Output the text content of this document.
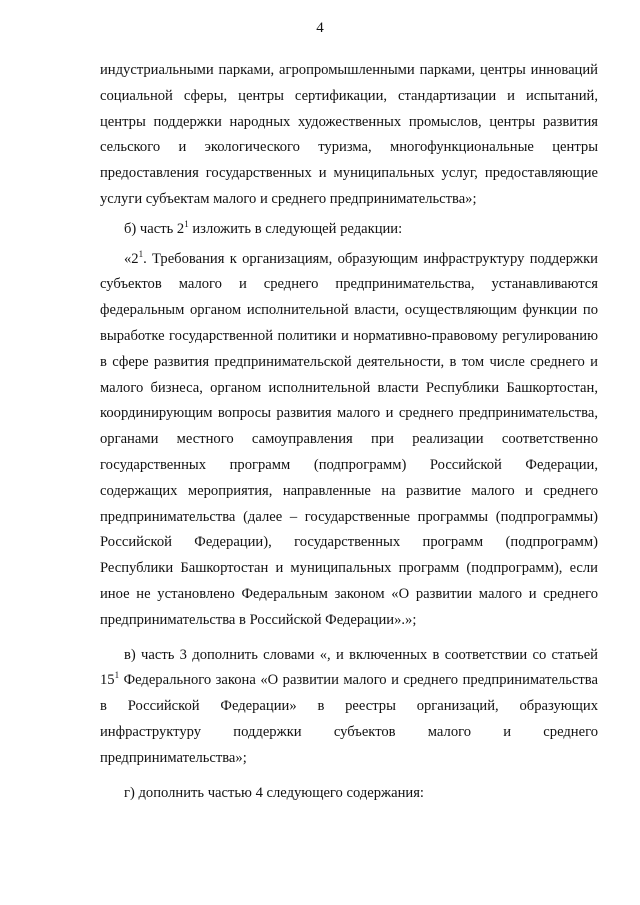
4

индустриальными парками, агропромышленными парками, центры инноваций социальной сферы, центры сертификации, стандартизации и испытаний, центры поддержки народных художественных промыслов, центры развития сельского и экологического туризма, многофункциональные центры предоставления государственных и муниципальных услуг, предоставляющие услуги субъектам малого и среднего предпринимательства»;

б) часть $2^1$ изложить в следующей редакции:

«$2^1$. Требования к организациям, образующим инфраструктуру поддержки субъектов малого и среднего предпринимательства, устанавливаются федеральным органом исполнительной власти, осуществляющим функции по выработке государственной политики и нормативно-правовому регулированию в сфере развития предпринимательской деятельности, в том числе среднего и малого бизнеса, органом исполнительной власти Республики Башкортостан, координирующим вопросы развития малого и среднего предпринимательства, органами местного самоуправления при реализации соответственно государственных программ (подпрограмм) Российской Федерации, содержащих мероприятия, направленные на развитие малого и среднего предпринимательства (далее – государственные программы (подпрограммы) Российской Федерации), государственных программ (подпрограмм) Республики Башкортостан и муниципальных программ (подпрограмм), если иное не установлено Федеральным законом «О развитии малого и среднего предпринимательства в Российской Федерации».»;

в) часть 3 дополнить словами «, и включенных в соответствии со статьей $15^1$ Федерального закона «О развитии малого и среднего предпринимательства в Российской Федерации» в реестры организаций, образующих инфраструктуру поддержки субъектов малого и среднего предпринимательства»;

г) дополнить частью 4 следующего содержания:
